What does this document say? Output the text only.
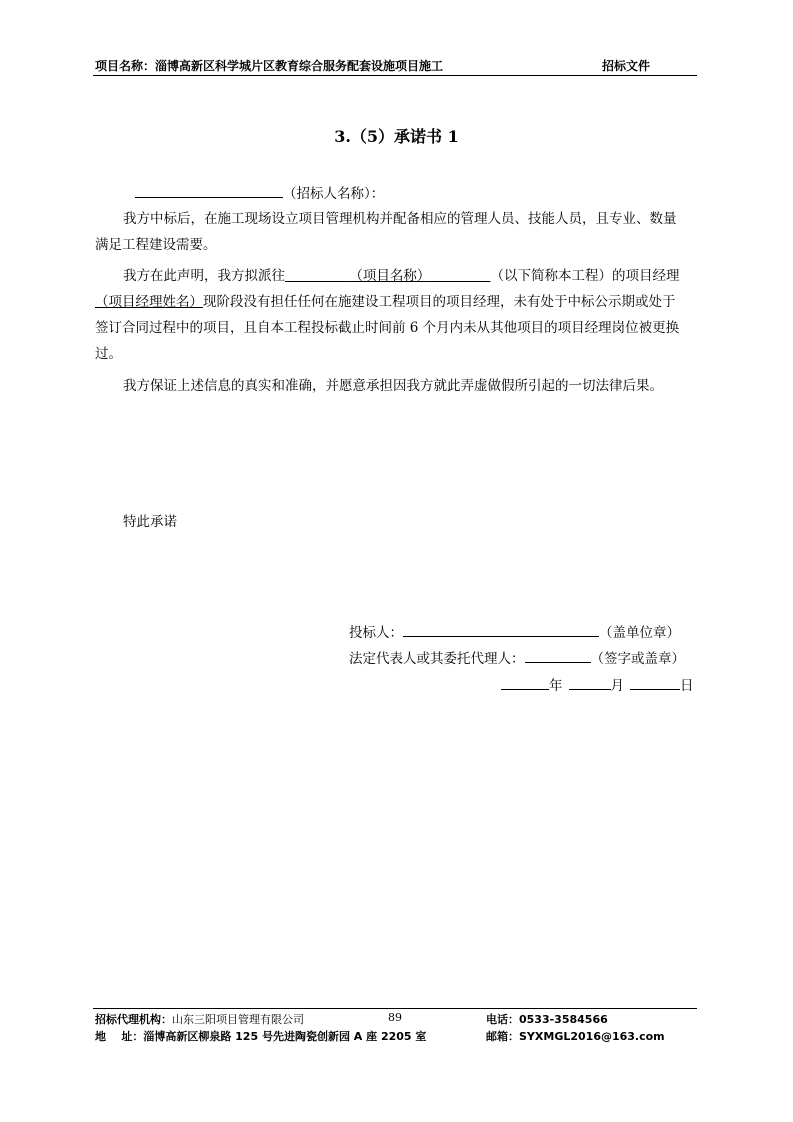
项目名称：淄博高新区科学城片区教育综合服务配套设施项目施工	招标文件
3.（5）承诺书 1
（招标人名称）：
我方中标后，在施工现场设立项目管理机构并配备相应的管理人员、技能人员，且专业、数量
满足工程建设需要。
我方在此声明，我方拟派往	（项目名称）	（以下简称本工程）的项目经理
（项目经理姓名）现阶段没有担任任何在施建设工程项目的项目经理，未有处于中标公示期或处于
签订合同过程中的项目，且自本工程投标截止时间前 6 个月内未从其他项目的项目经理岗位被更换
过。
我方保证上述信息的真实和准确，并愿意承担因我方就此弄虚做假所引起的一切法律后果。
特此承诺
投标人：	（盖单位章）
法定代表人或其委托代理人：	（签字或盖章）
年	月	日
招标代理机构：山东三阳项目管理有限公司	89	电话：0533-3584566
地    址：淄博高新区柳泉路 125 号先进陶瓷创新园 A 座 2205 室	邮箱：SYXMGL2016@163.com
